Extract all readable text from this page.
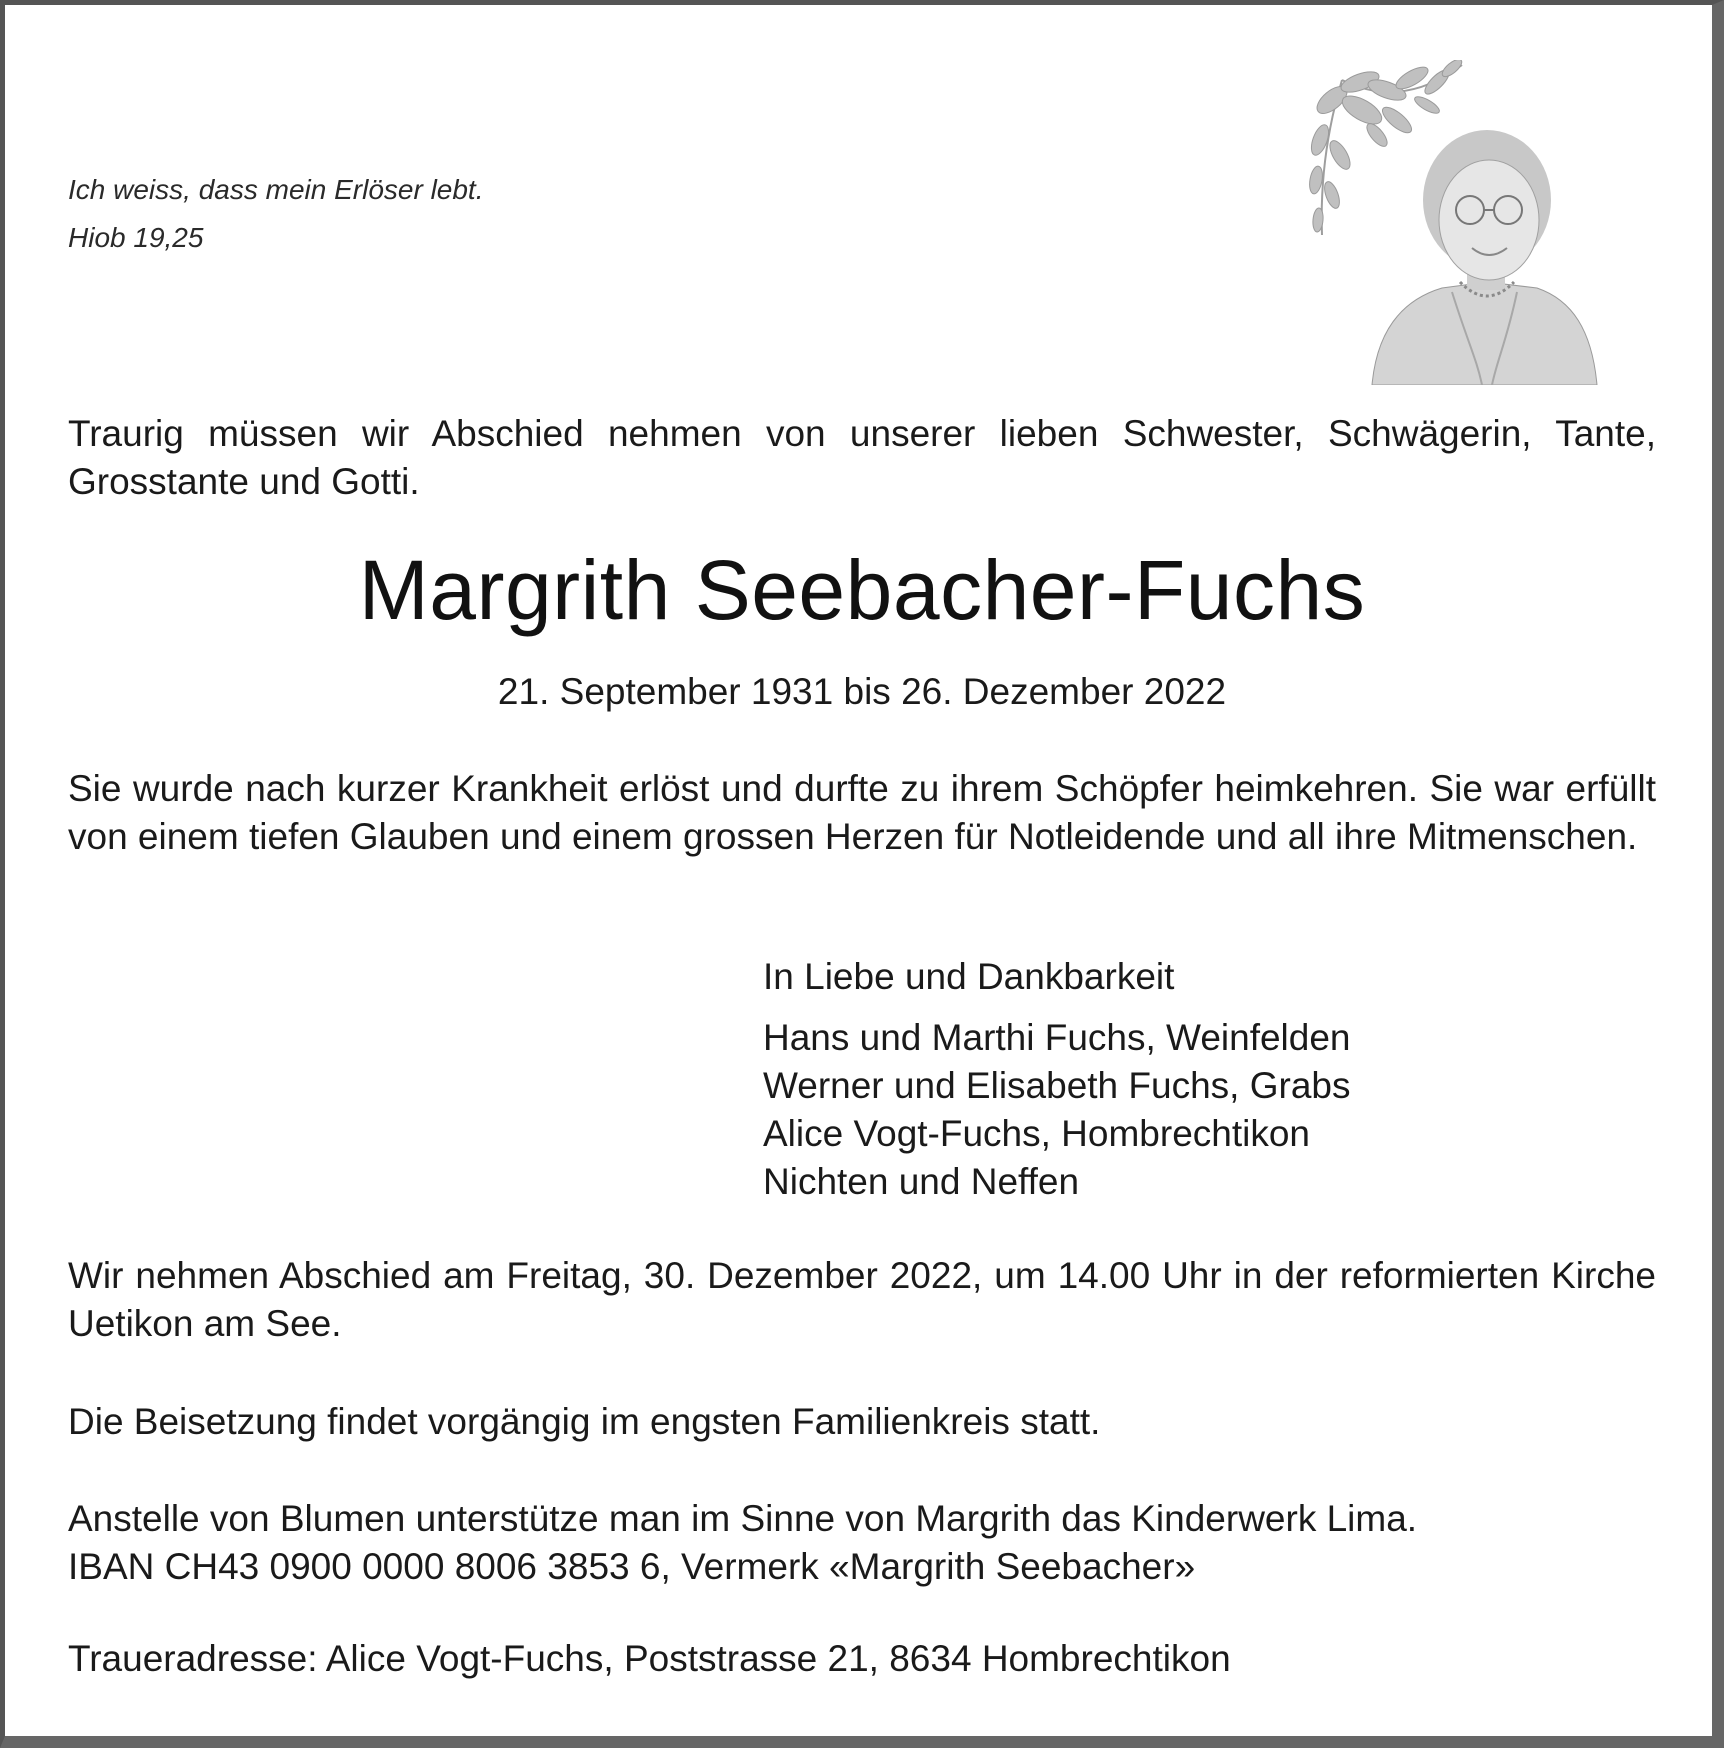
Ich weiss, dass mein Erlöser lebt.
Hiob 19,25
Traurig müssen wir Abschied nehmen von unserer lieben Schwester, Schwägerin, Tante, Grosstante und Gotti.
Margrith Seebacher-Fuchs
21. September 1931 bis 26. Dezember 2022
Sie wurde nach kurzer Krankheit erlöst und durfte zu ihrem Schöpfer heimkehren. Sie war erfüllt von einem tiefen Glauben und einem grossen Herzen für Notleidende und all ihre Mitmenschen.
In Liebe und Dankbarkeit
Hans und Marthi Fuchs, Weinfelden
Werner und Elisabeth Fuchs, Grabs
Alice Vogt-Fuchs, Hombrechtikon
Nichten und Neffen
Wir nehmen Abschied am Freitag, 30. Dezember 2022, um 14.00 Uhr in der reformierten Kirche Uetikon am See.
Die Beisetzung findet vorgängig im engsten Familienkreis statt.
Anstelle von Blumen unterstütze man im Sinne von Margrith das Kinderwerk Lima.
IBAN CH43 0900 0000 8006 3853 6, Vermerk «Margrith Seebacher»
Traueradresse: Alice Vogt-Fuchs, Poststrasse 21, 8634 Hombrechtikon
